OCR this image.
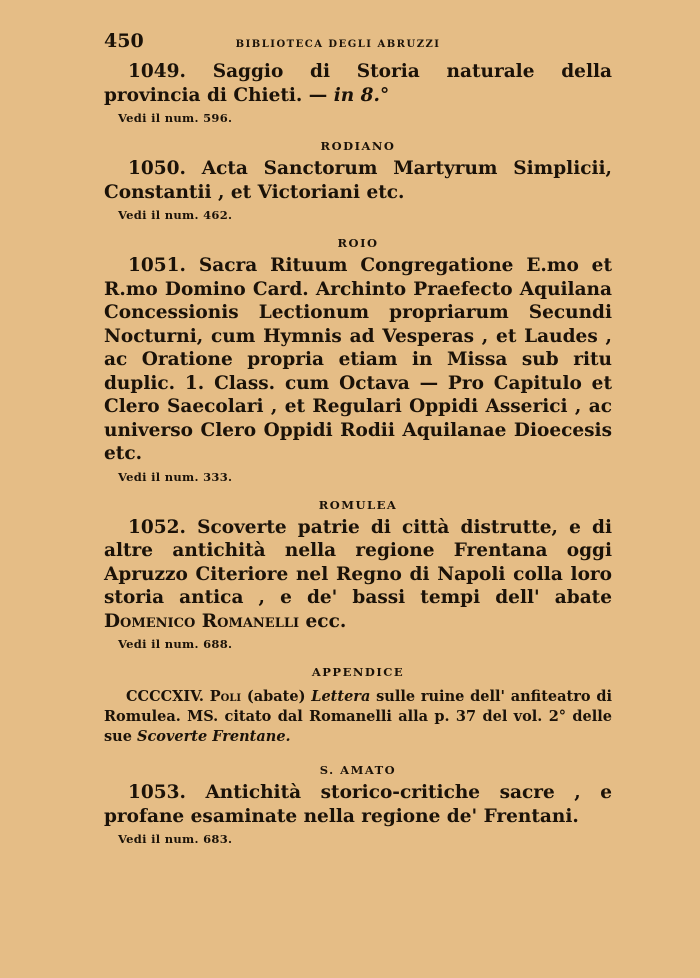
450	BIBLIOTECA DEGLI ABRUZZI

1049. Saggio di Storia naturale della provincia di Chieti. — in 8.°

Vedi il num. 596.
RODIANO

1050. Acta Sanctorum Martyrum Simplicii, Constantii , et Victoriani etc.

Vedi il num. 462.
ROIO

1051. Sacra Rituum Congregatione E.mo et R.mo Domino Card. Archinto Praefecto Aquilana Concessionis Lectionum propriarum Secundi Nocturni, cum Hymnis ad Vesperas , et Laudes , ac Oratione propria etiam in Missa sub ritu duplic. 1. Class. cum Octava — Pro Capitulo et Clero Saecolari , et Regulari Oppidi Asserici , ac universo Clero Oppidi Rodii Aquilanae Dioecesis etc.

Vedi il num. 333.
ROMULEA

1052. Scoverte patrie di città distrutte, e di altre antichità nella regione Frentana oggi Apruzzo Citeriore nel Regno di Napoli colla loro storia antica , e de' bassi tempi dell' abate Domenico Romanelli ecc.

Vedi il num. 688.
APPENDICE

CCCCXIV. Poli (abate) Lettera sulle ruine dell' anfiteatro di Romulea. MS. citato dal Romanelli alla p. 37 del vol. 2° delle sue Scoverte Frentane.

S. AMATO

1053. Antichità storico-critiche sacre , e profane esaminate nella regione de' Frentani.

Vedi il num. 683.
